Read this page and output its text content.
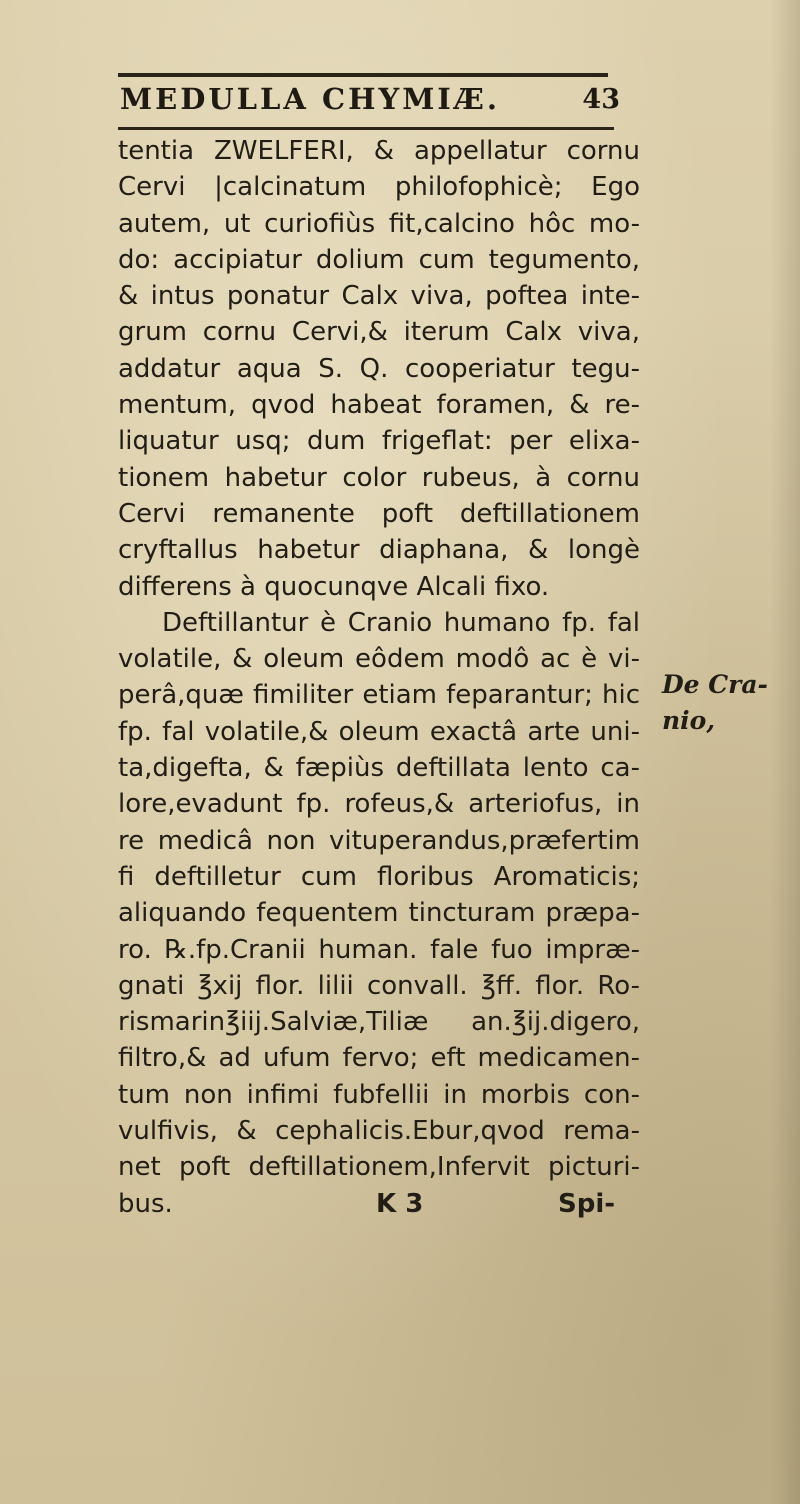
MEDULLA CHYMIÆ.	43
tentia ZWELFERI, & appellatur cornu
Cervi |calcinatum philofophicè; Ego
autem, ut curiofiùs fit,calcino hôc mo-
do: accipiatur dolium cum tegumento,
& intus ponatur Calx viva, poftea inte-
grum cornu Cervi,& iterum Calx viva,
addatur aqua S. Q. cooperiatur tegu-
mentum, qvod habeat foramen, & re-
liquatur usq; dum frigeflat: per elixa-
tionem habetur color rubeus, à cornu
Cervi remanente poft deftillationem
cryftallus habetur diaphana, & longè
differens à quocunqve Alcali fixo.
Deftillantur è Cranio humano fp. fal
volatile, & oleum eôdem modô ac è vi-
perâ,quæ fimiliter etiam feparantur; hic
fp. fal volatile,& oleum exactâ arte uni-
ta,digefta, & fæpiùs deftillata lento ca-
lore,evadunt fp. rofeus,& arteriofus, in
re medicâ non vituperandus,præfertim
fi deftilletur cum floribus Aromaticis;
aliquando fequentem tincturam præpa-
ro. ℞.fp.Cranii human. fale fuo impræ-
gnati ℥xij flor. lilii convall. ℥ff. flor. Ro-
rismarin℥iij.Salviæ,Tiliæ an.℥ij.digero,
filtro,& ad ufum fervo; eft medicamen-
tum non infimi fubfellii in morbis con-
vulfivis, & cephalicis.Ebur,qvod rema-
net poft deftillationem,Infervit picturi-
bus.	K 3	Spi-
De Cra-
nio,
